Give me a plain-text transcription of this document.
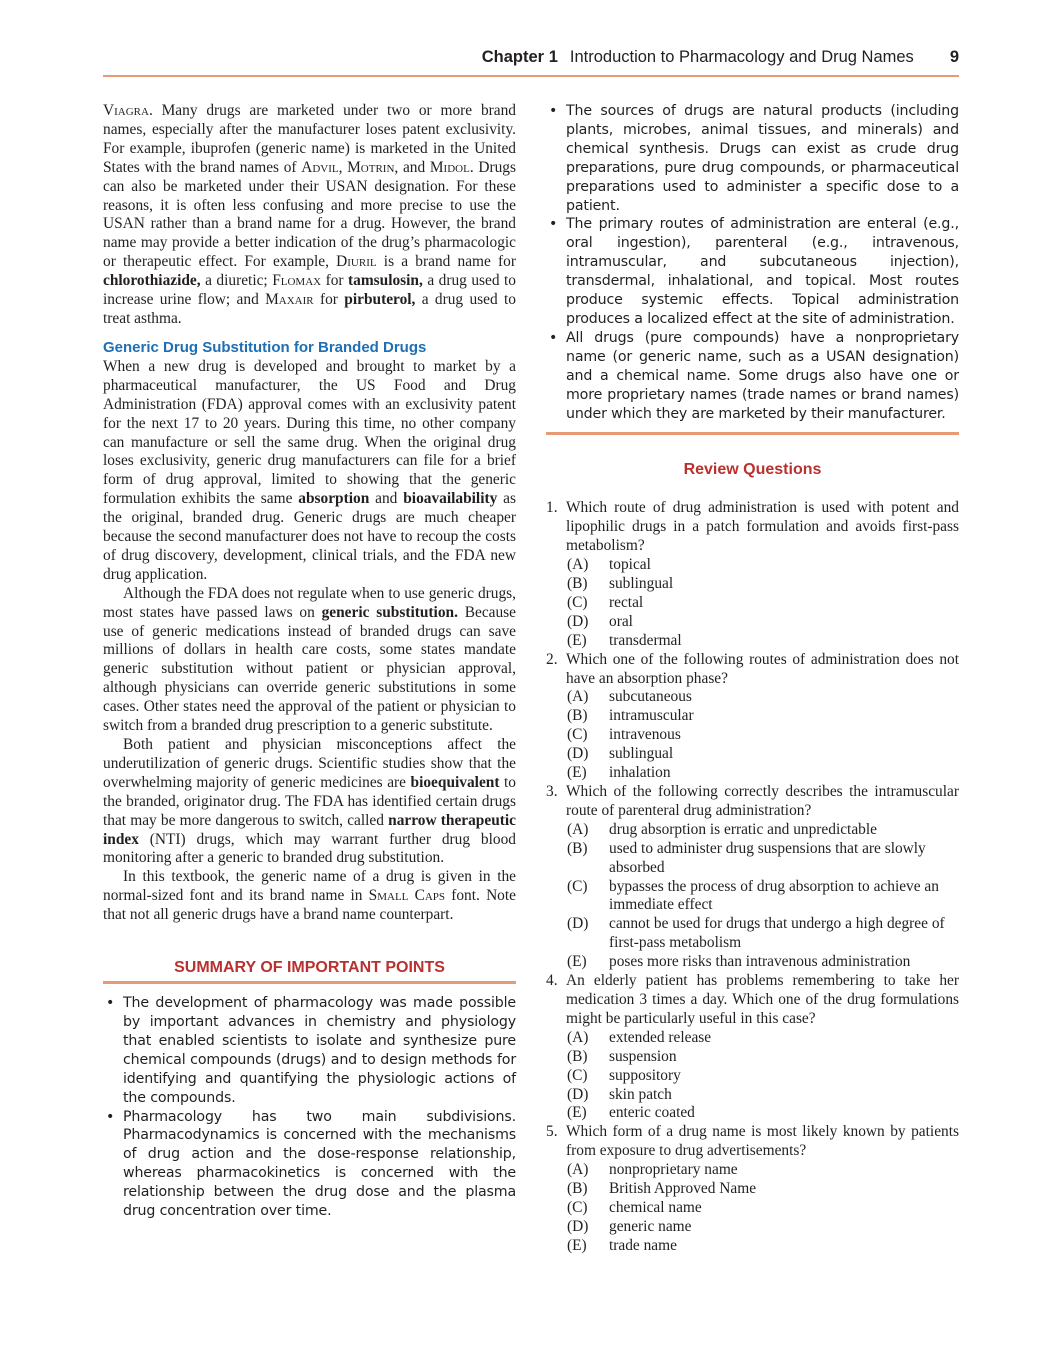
Chapter 1 Introduction to Pharmacology and Drug Names 9

Viagra. Many drugs are marketed under two or more brand names, especially after the manufacturer loses patent exclusivity. For example, ibuprofen (generic name) is marketed in the United States with the brand names of Advil, Motrin, and Midol. Drugs can also be marketed under their USAN designation. For these reasons, it is often less confusing and more precise to use the USAN rather than a brand name for a drug. However, the brand name may provide a better indication of the drug’s pharmacologic or therapeutic effect. For example, Diuril is a brand name for chlorothiazide, a diuretic; Flomax for tamsulosin, a drug used to increase urine flow; and Maxair for pirbuterol, a drug used to treat asthma.

Generic Drug Substitution for Branded Drugs

When a new drug is developed and brought to market by a pharmaceutical manufacturer, the US Food and Drug Administration (FDA) approval comes with an exclusivity patent for the next 17 to 20 years. During this time, no other company can manufacture or sell the same drug. When the original drug loses exclusivity, generic drug manufacturers can file for a brief form of drug approval, limited to showing that the generic formulation exhibits the same absorption and bioavailability as the original, branded drug. Generic drugs are much cheaper because the second manufacturer does not have to recoup the costs of drug discovery, development, clinical trials, and the FDA new drug application.

Although the FDA does not regulate when to use generic drugs, most states have passed laws on generic substitution. Because use of generic medications instead of branded drugs can save millions of dollars in health care costs, some states mandate generic substitution without patient or physician approval, although physicians can override generic substitutions in some cases. Other states need the approval of the patient or physician to switch from a branded drug prescription to a generic substitute.

Both patient and physician misconceptions affect the underutilization of generic drugs. Scientific studies show that the overwhelming majority of generic medicines are bioequivalent to the branded, originator drug. The FDA has identified certain drugs that may be more dangerous to switch, called narrow therapeutic index (NTI) drugs, which may warrant further drug blood monitoring after a generic to branded drug substitution.

In this textbook, the generic name of a drug is given in the normal-sized font and its brand name in Small Caps font. Note that not all generic drugs have a brand name counterpart.

SUMMARY OF IMPORTANT POINTS
• The development of pharmacology was made possible by important advances in chemistry and physiology that enabled scientists to isolate and synthesize pure chemical compounds (drugs) and to design methods for identifying and quantifying the physiologic actions of the compounds.
• Pharmacology has two main subdivisions. Pharmacodynamics is concerned with the mechanisms of drug action and the dose-response relationship, whereas pharmacokinetics is concerned with the relationship between the drug dose and the plasma drug concentration over time.
• The sources of drugs are natural products (including plants, microbes, animal tissues, and minerals) and chemical synthesis. Drugs can exist as crude drug preparations, pure drug compounds, or pharmaceutical preparations used to administer a specific dose to a patient.
• The primary routes of administration are enteral (e.g., oral ingestion), parenteral (e.g., intravenous, intramuscular, and subcutaneous injection), transdermal, inhalational, and topical. Most routes produce systemic effects. Topical administration produces a localized effect at the site of administration.
• All drugs (pure compounds) have a nonproprietary name (or generic name, such as a USAN designation) and a chemical name. Some drugs also have one or more proprietary names (trade names or brand names) under which they are marketed by their manufacturer.
Review Questions
1. Which route of drug administration is used with potent and lipophilic drugs in a patch formulation and avoids first-pass metabolism?
(A) topical
(B) sublingual
(C) rectal
(D) oral
(E) transdermal
2. Which one of the following routes of administration does not have an absorption phase?
(A) subcutaneous
(B) intramuscular
(C) intravenous
(D) sublingual
(E) inhalation
3. Which of the following correctly describes the intramuscular route of parenteral drug administration?
(A) drug absorption is erratic and unpredictable
(B) used to administer drug suspensions that are slowly absorbed
(C) bypasses the process of drug absorption to achieve an immediate effect
(D) cannot be used for drugs that undergo a high degree of first-pass metabolism
(E) poses more risks than intravenous administration
4. An elderly patient has problems remembering to take her medication 3 times a day. Which one of the drug formulations might be particularly useful in this case?
(A) extended release
(B) suspension
(C) suppository
(D) skin patch
(E) enteric coated
5. Which form of a drug name is most likely known by patients from exposure to drug advertisements?
(A) nonproprietary name
(B) British Approved Name
(C) chemical name
(D) generic name
(E) trade name
